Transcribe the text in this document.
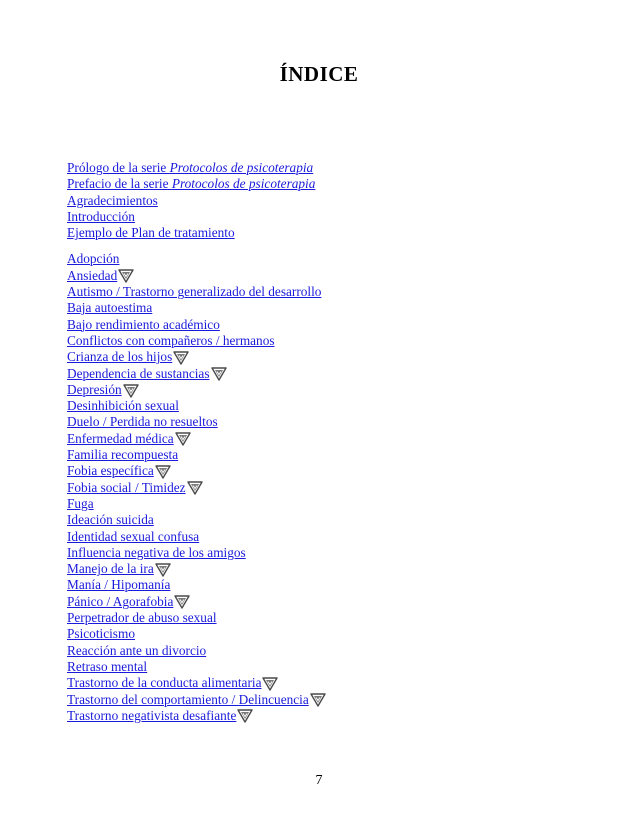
ÍNDICE
Prólogo de la serie Protocolos de psicoterapia
Prefacio de la serie Protocolos de psicoterapia
Agradecimientos
Introducción
Ejemplo de Plan de tratamiento
Adopción
Ansiedad
Autismo / Trastorno generalizado del desarrollo
Baja autoestima
Bajo rendimiento académico
Conflictos con compañeros / hermanos
Crianza de los hijos
Dependencia de sustancias
Depresión
Desinhibición sexual
Duelo / Perdida no resueltos
Enfermedad médica
Familia recompuesta
Fobia específica
Fobia social / Timidez
Fuga
Ideación suicida
Identidad sexual confusa
Influencia negativa de los amigos
Manejo de la ira
Manía / Hipomanía
Pánico / Agorafobia
Perpetrador de abuso sexual
Psicoticismo
Reacción ante un divorcio
Retraso mental
Trastorno de la conducta alimentaria
Trastorno del comportamiento / Delincuencia
Trastorno negativista desafiante
7
